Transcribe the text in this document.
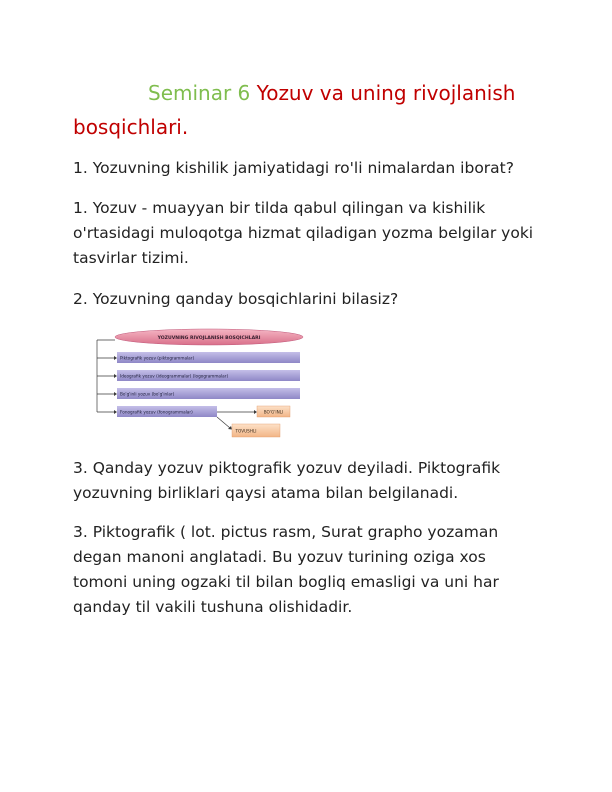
Seminar 6 Yozuv va uning rivojlanish bosqichlari.

1. Yozuvning kishilik jamiyatidagi ro'li nimalardan iborat?

1. Yozuv - muayyan bir tilda qabul qilingan va kishilik o'rtasidagi muloqotga hizmat qiladigan yozma belgilar yoki tasvirlar tizimi.

2. Yozuvning qanday bosqichlarini bilasiz?

YOZUVNING RIVOJLANISH BOSQICHLARI
Piktografik yozuv (piktogrammalar)
Ideografik yozuv (ideogrammalar) (logogrammalar)
Bo'g'inli yozuv (bo'g'inlar)
Fonografik yozuv (fonogrammalar)	BO'G'INLI
TOVUSHLI

3. Qanday yozuv piktografik yozuv deyiladi. Piktografik yozuvning birliklari qaysi atama bilan belgilanadi.

3. Piktografik ( lot. pictus rasm, Surat grapho yozaman degan manoni anglatadi. Bu yozuv turining oziga xos tomoni uning ogzaki til bilan bogliq emasligi va uni har qanday til vakili tushuna olishidadir.
